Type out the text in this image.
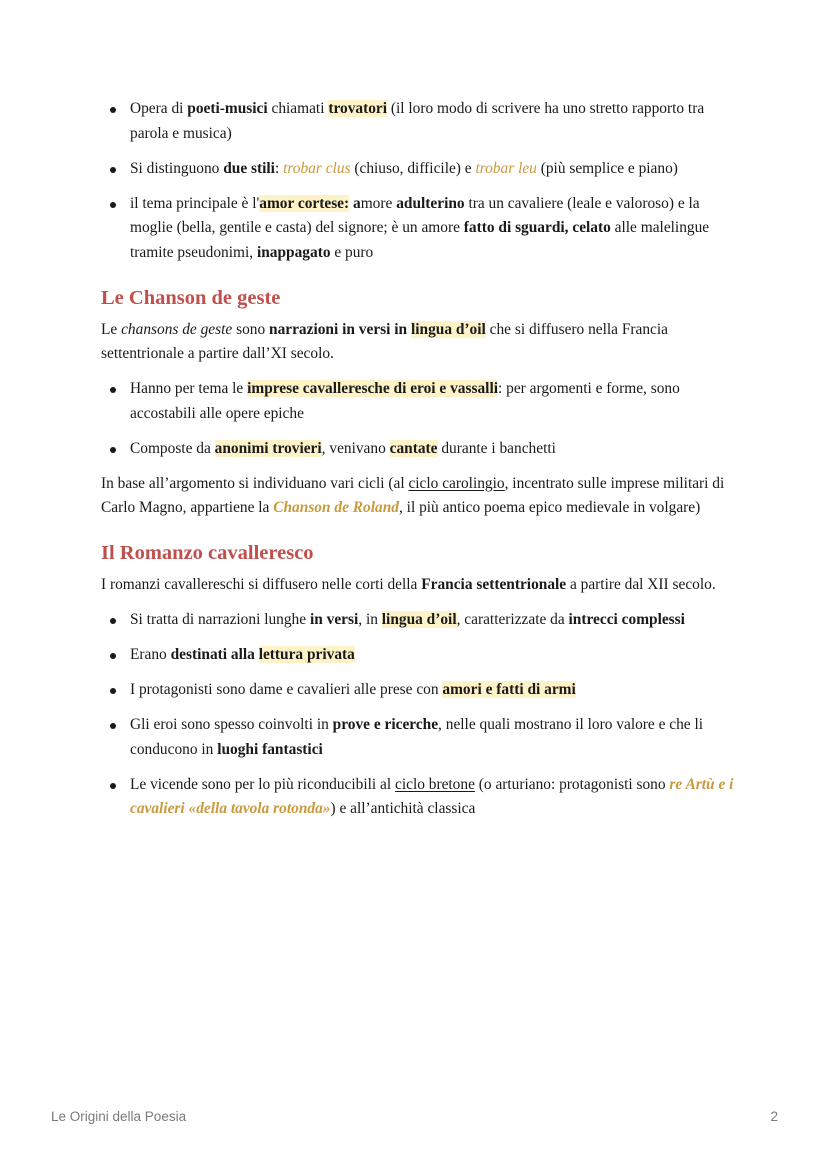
Opera di poeti-musici chiamati trovatori (il loro modo di scrivere ha uno stretto rapporto tra parola e musica)
Si distinguono due stili: trobar clus (chiuso, difficile) e trobar leu (più semplice e piano)
il tema principale è l'amor cortese: amore adulterino tra un cavaliere (leale e valoroso) e la moglie (bella, gentile e casta) del signore; è un amore fatto di sguardi, celato alle malelingue tramite pseudonimi, inappagato e puro
Le Chanson de geste

Le chansons de geste sono narrazioni in versi in lingua d’oil che si diffusero nella Francia settentrionale a partire dall’XI secolo.

Hanno per tema le imprese cavalleresche di eroi e vassalli: per argomenti e forme, sono accostabili alle opere epiche
Composte da anonimi trovieri, venivano cantate durante i banchetti

In base all’argomento si individuano vari cicli (al ciclo carolingio, incentrato sulle imprese militari di Carlo Magno, appartiene la Chanson de Roland, il più antico poema epico medievale in volgare)

Il Romanzo cavalleresco

I romanzi cavallereschi si diffusero nelle corti della Francia settentrionale a partire dal XII secolo.

Si tratta di narrazioni lunghe in versi, in lingua d’oil, caratterizzate da intrecci complessi
Erano destinati alla lettura privata
I protagonisti sono dame e cavalieri alle prese con amori e fatti di armi
Gli eroi sono spesso coinvolti in prove e ricerche, nelle quali mostrano il loro valore e che li conducono in luoghi fantastici
Le vicende sono per lo più riconducibili al ciclo bretone (o arturiano: protagonisti sono re Artù e i cavalieri «della tavola rotonda») e all’antichità classica
Le Origini della Poesia	2
